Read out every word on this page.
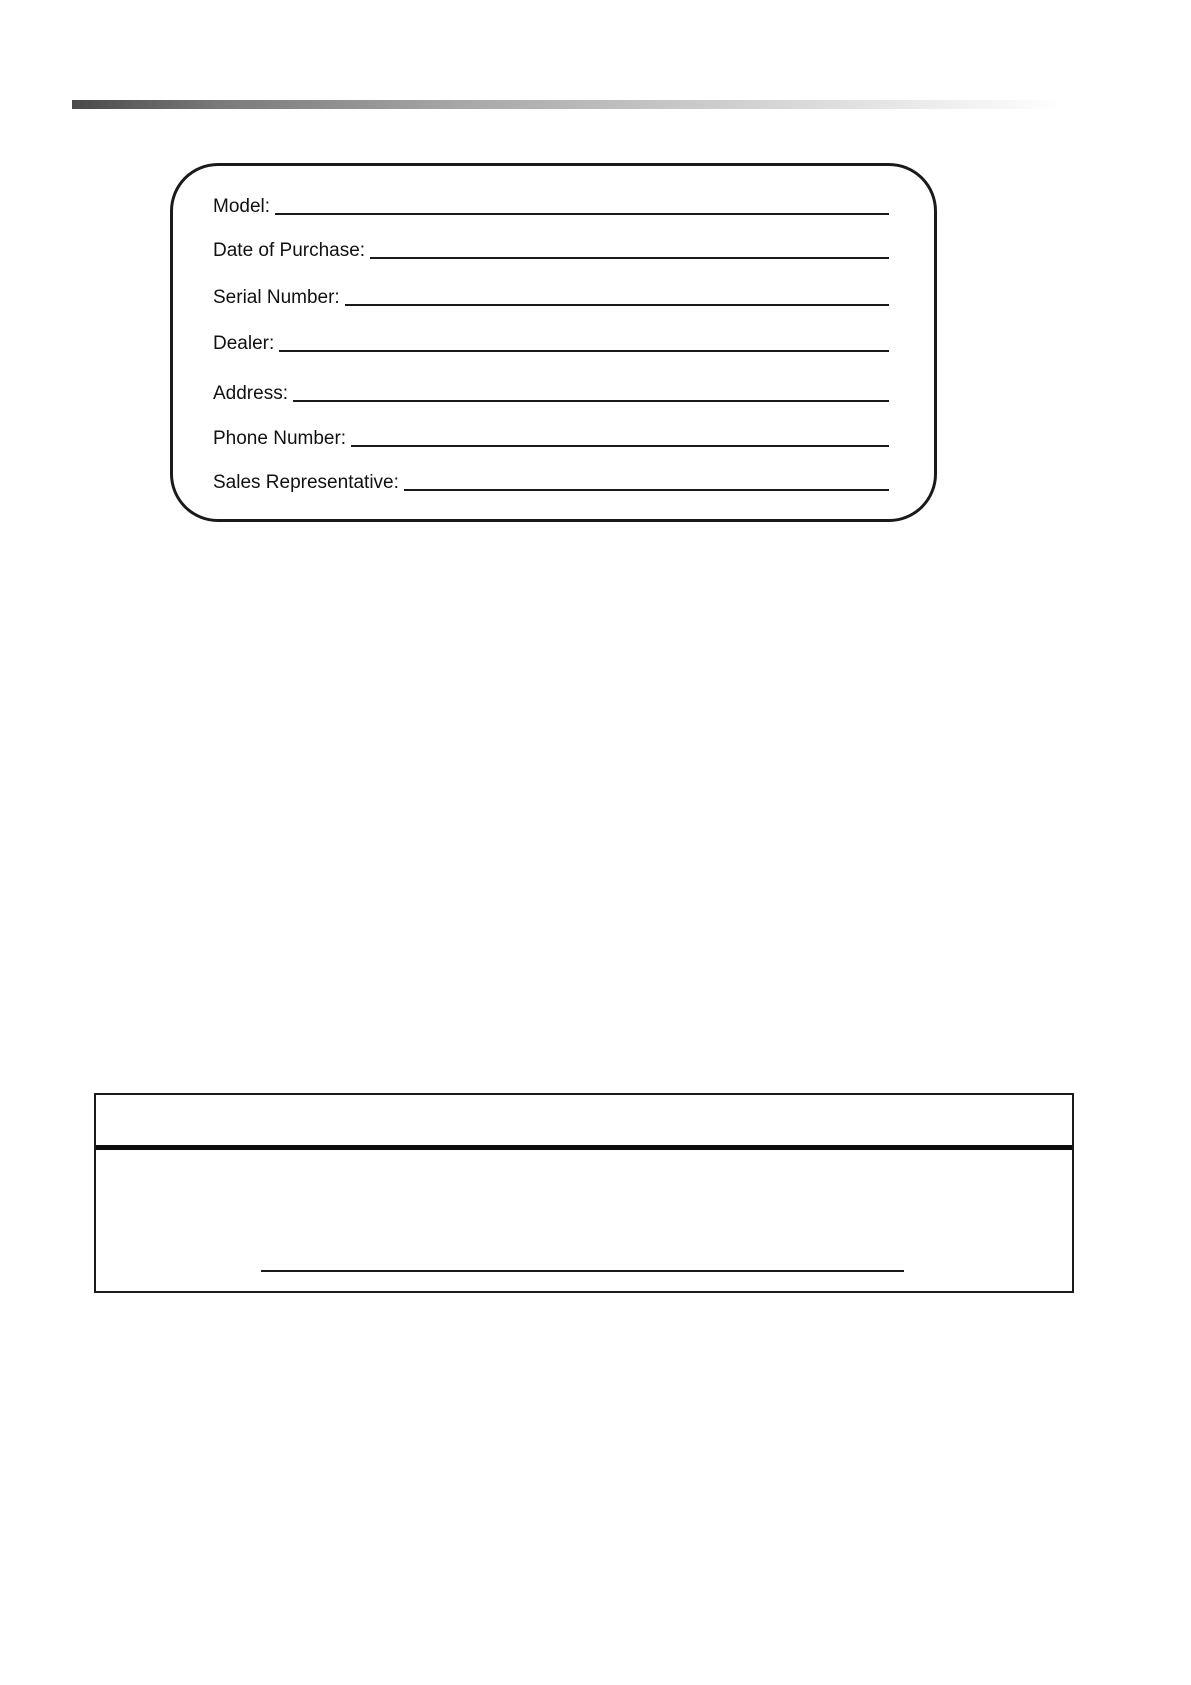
Model:
Date of Purchase:
Serial Number:
Dealer:
Address:
Phone Number:
Sales Representative:
